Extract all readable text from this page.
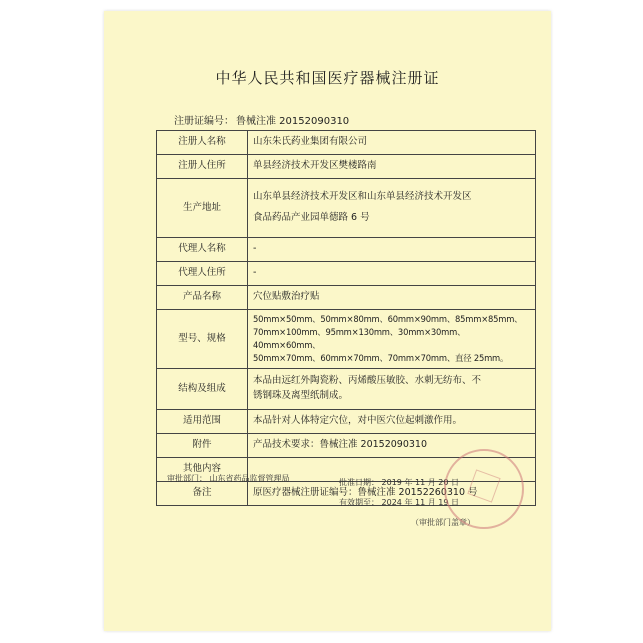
中华人民共和国医疗器械注册证
注册证编号： 鲁械注准 20152090310
注册人名称	山东朱氏药业集团有限公司
注册人住所	单县经济技术开发区樊楼路南
生产地址	山东单县经济技术开发区和山东单县经济技术开发区
食品药品产业园单德路 6 号

代理人名称	-
代理人住所	-
产品名称	穴位贴敷治疗贴
型号、规格	50mm×50mm、50mm×80mm、60mm×90mm、85mm×85mm、
70mm×100mm、95mm×130mm、30mm×30mm、40mm×60mm、
50mm×70mm、60mm×70mm、70mm×70mm、直径 25mm。

结构及组成	本品由远红外陶瓷粉、丙烯酸压敏胶、水刺无纺布、不
锈钢珠及离型纸制成。

适用范围	本品针对人体特定穴位，对中医穴位起刺激作用。
附件	产品技术要求：鲁械注准 20152090310
其他内容	
备注	原医疗器械注册证编号：鲁械注准 20152260310 号
审批部门： 山东省药品监督管理局	批准日期： 2019 年 11 月 20 日
有效期至： 2024 年 11 月 19 日
（审批部门盖章）
